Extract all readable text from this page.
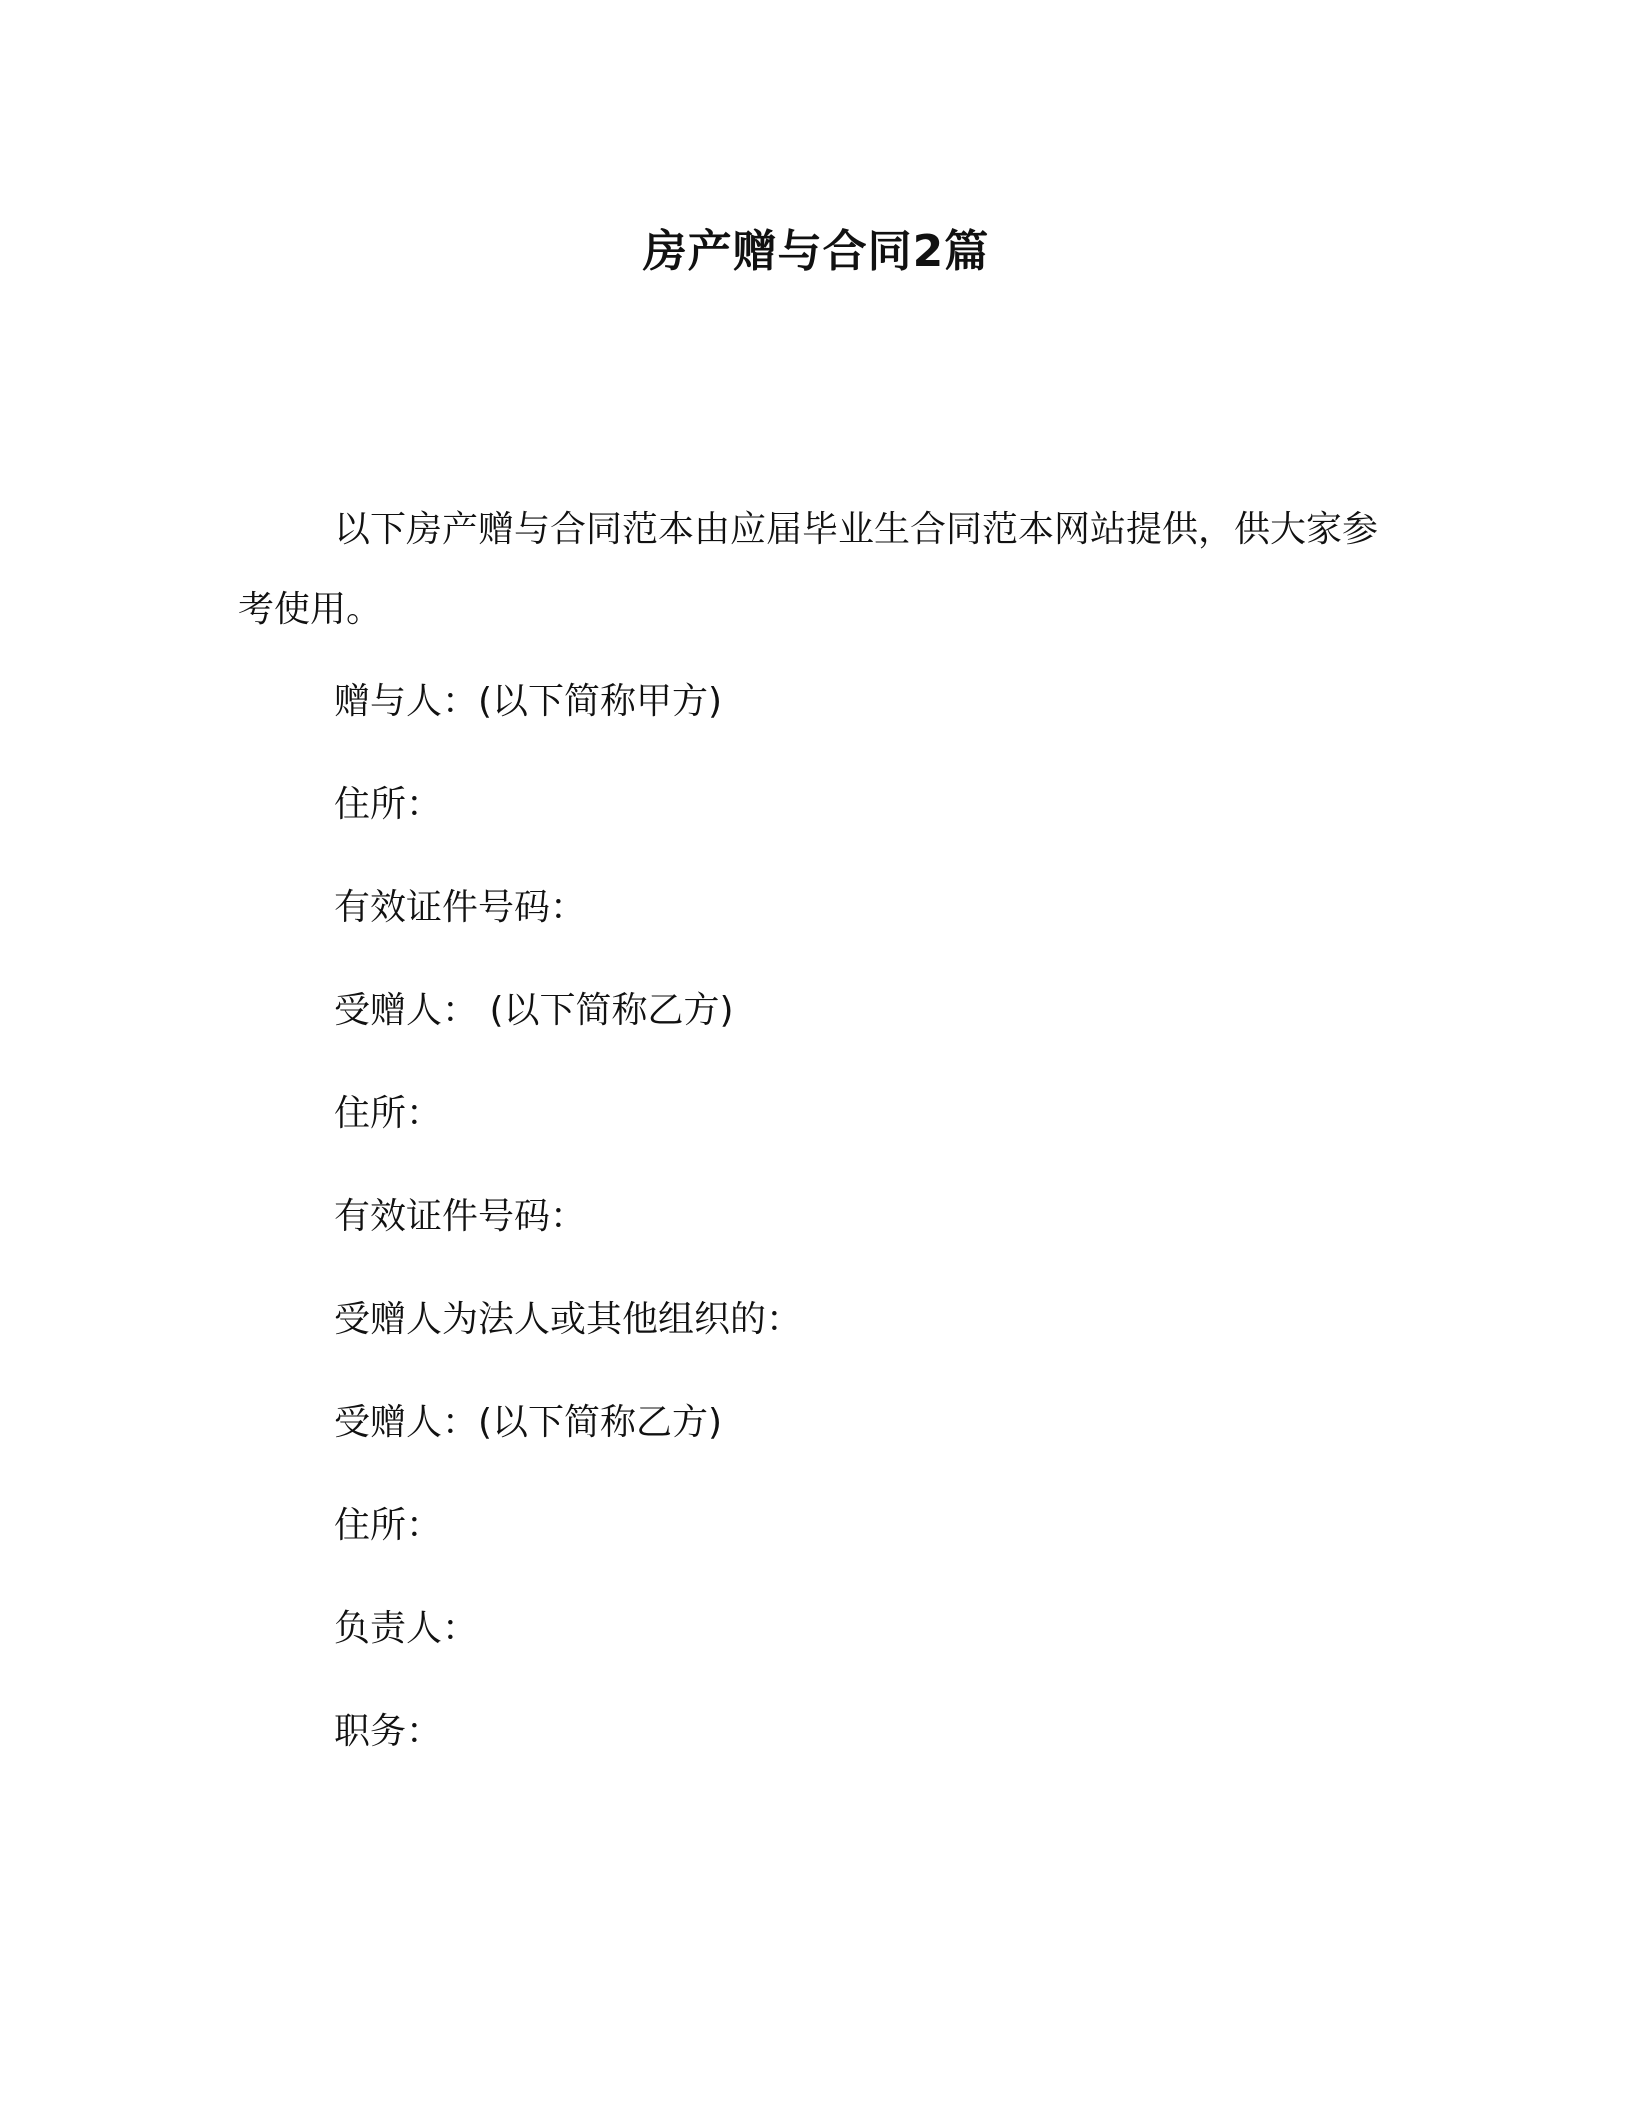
房产赠与合同2篇

以下房产赠与合同范本由应届毕业生合同范本网站提供，供大家参考使用。

赠与人：(以下简称甲方)

住所：

有效证件号码：

受赠人： (以下简称乙方)

住所：

有效证件号码：

受赠人为法人或其他组织的：

受赠人：(以下简称乙方)

住所：

负责人：

职务：
